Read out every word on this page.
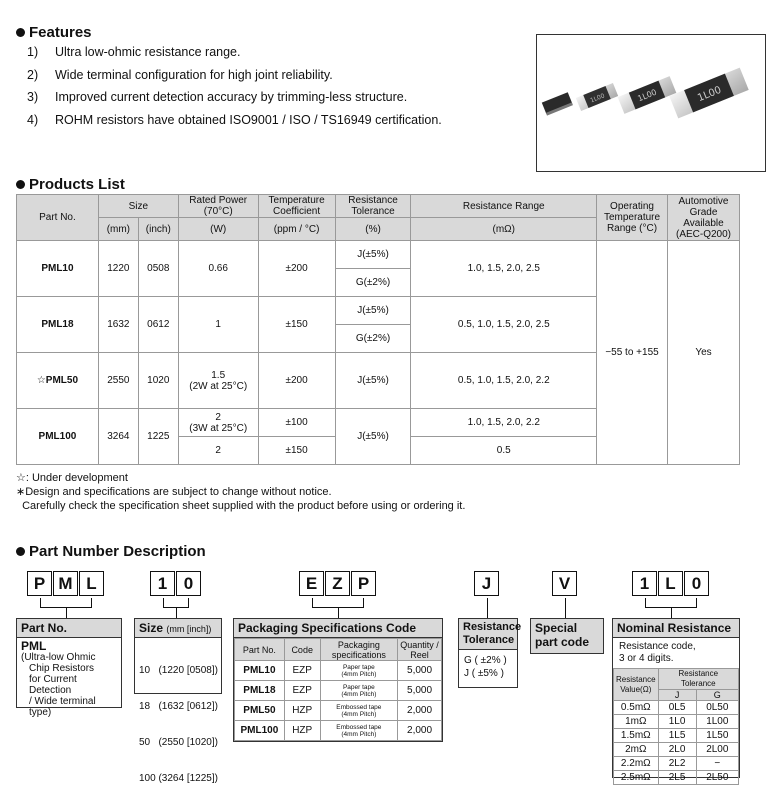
Features
1)	Ultra low-ohmic resistance range.
2)	Wide terminal configuration for high joint reliability.
3)	Improved current detection accuracy by trimming-less structure.
4)	ROHM resistors have obtained ISO9001 / ISO / TS16949 certification.
1L00	1L00	1L00
Products List
Part No.	Size		Rated Power (70°C)	Temperature Coefficient	Resistance Tolerance	Resistance Range	Operating Temperature Range (°C)	Automotive Grade Available (AEC-Q200)
	(mm)	(inch)	(W)	(ppm / °C)	(%)	(mΩ)		
PML10	1220	0508	0.66	±200	J(±5%)	1.0, 1.5, 2.0, 2.5	−55 to +155	Yes
					G(±2%)			
PML18	1632	0612	1	±150	J(±5%)	0.5, 1.0, 1.5, 2.0, 2.5		
					G(±2%)			
☆PML50	2550	1020	1.5
(2W at 25°C)	±200	J(±5%)	0.5, 1.0, 1.5, 2.0, 2.2		

PML100	3264	1225	2
(3W at 25°C)	±100	J(±5%)	1.0, 1.5, 2.0, 2.2		
			2	±150		0.5		
☆: Under development
∗Design and specifications are subject to change without notice.
Carefully check the specification sheet supplied with the product before using or ordering it.
Part Number Description
P M L	1 0	E Z P	J	V	1 L 0
Part No.
PML
(Ultra-low Ohmic
Chip Resistors
for Current Detection
/ Wide terminal type)
Size (mm [inch])

10   (1220 [0508])

18   (1632 [0612])

50   (2550 [1020])

100 (3264 [1225])

Packaging Specifications Code
Part No.	Code	Packaging specifications	Quantity / Reel
PML10	EZP	Paper tape
(4mm Pitch)	5,000
PML18	EZP	Paper tape
(4mm Pitch)	5,000
PML50	HZP	Embossed tape
(4mm Pitch)	2,000
PML100	HZP	Embossed tape
(4mm Pitch)	2,000
Resistance
Tolerance
G ( ±2% )
J ( ±5% )
Special
part code
Nominal Resistance
Resistance code,
3 or 4 digits.
Resistance
Value(Ω)	Resistance Tolerance	
	J	G
0.5mΩ	0L5	0L50
1mΩ	1L0	1L00
1.5mΩ	1L5	1L50
2mΩ	2L0	2L00
2.2mΩ	2L2	−
2.5mΩ	2L5	2L50
